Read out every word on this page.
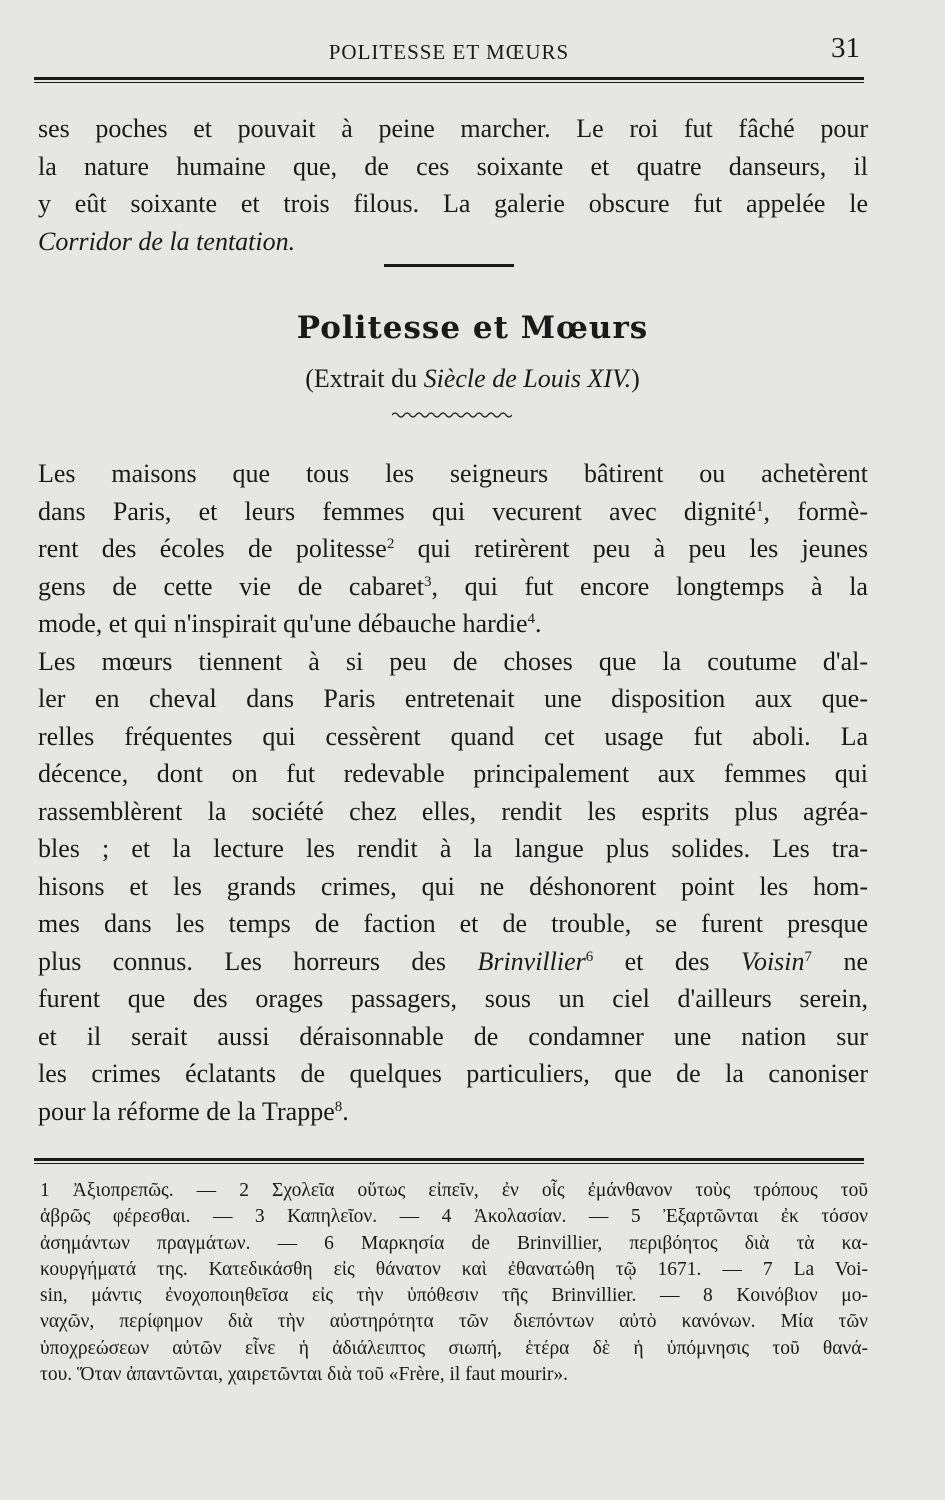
POLITESSE ET MŒURS	31
ses poches et pouvait à peine marcher. Le roi fut fâché pour
la nature humaine que, de ces soixante et quatre danseurs, il
y eût soixante et trois filous. La galerie obscure fut appelée le
Corridor de la tentation.
Politesse et Mœurs
(Extrait du Siècle de Louis XIV.)
Les maisons que tous les seigneurs bâtirent ou achetèrent
dans Paris, et leurs femmes qui vecurent avec dignité$^1$, formè-
rent des écoles de politesse$^2$ qui retirèrent peu à peu les jeunes
gens de cette vie de cabaret$^3$, qui fut encore longtemps à la
mode, et qui n'inspirait qu'une débauche hardie$^4$.
Les mœurs tiennent à si peu de choses que la coutume d'al-
ler en cheval dans Paris entretenait une disposition aux que-
relles fréquentes qui cessèrent quand cet usage fut aboli. La
décence, dont on fut redevable principalement aux femmes qui
rassemblèrent la société chez elles, rendit les esprits plus agréa-
bles ; et la lecture les rendit à la langue plus solides. Les tra-
hisons et les grands crimes, qui ne déshonorent point les hom-
mes dans les temps de faction et de trouble, se furent presque
plus connus. Les horreurs des Brinvillier$^6$ et des Voisin$^7$ ne
furent que des orages passagers, sous un ciel d'ailleurs serein,
et il serait aussi déraisonnable de condamner une nation sur
les crimes éclatants de quelques particuliers, que de la canoniser
pour la réforme de la Trappe$^8$.
1 Ἀξιοπρεπῶς. — 2 Σχολεῖα οὕτως εἰπεῖν, ἐν οἷς ἐμάνθανον τοὺς τρόπους τοῦ
ἁβρῶς φέρεσθαι. — 3 Καπηλεῖον. — 4 Ἀκολασίαν. — 5 Ἐξαρτῶνται ἐκ τόσον
ἀσημάντων πραγμάτων. — 6 Μαρκησία de Brinvillier, περιβόητος διὰ τὰ κα-
κουργήματά της. Κατεδικάσθη εἰς θάνατον καὶ ἐθανατώθη τῷ 1671. — 7 La Voi-
sin, μάντις ἐνοχοποιηθεῖσα εἰς τὴν ὑπόθεσιν τῆς Brinvillier. — 8 Κοινόβιον μο-
ναχῶν, περίφημον διὰ τὴν αὐστηρότητα τῶν διεπόντων αὐτὸ κανόνων. Μία τῶν
ὑποχρεώσεων αὐτῶν εἶνε ἡ ἀδιάλειπτος σιωπή, ἑτέρα δὲ ἡ ὑπόμνησις τοῦ θανά-
του. Ὅταν ἀπαντῶνται, χαιρετῶνται διὰ τοῦ «Frère, il faut mourir».
